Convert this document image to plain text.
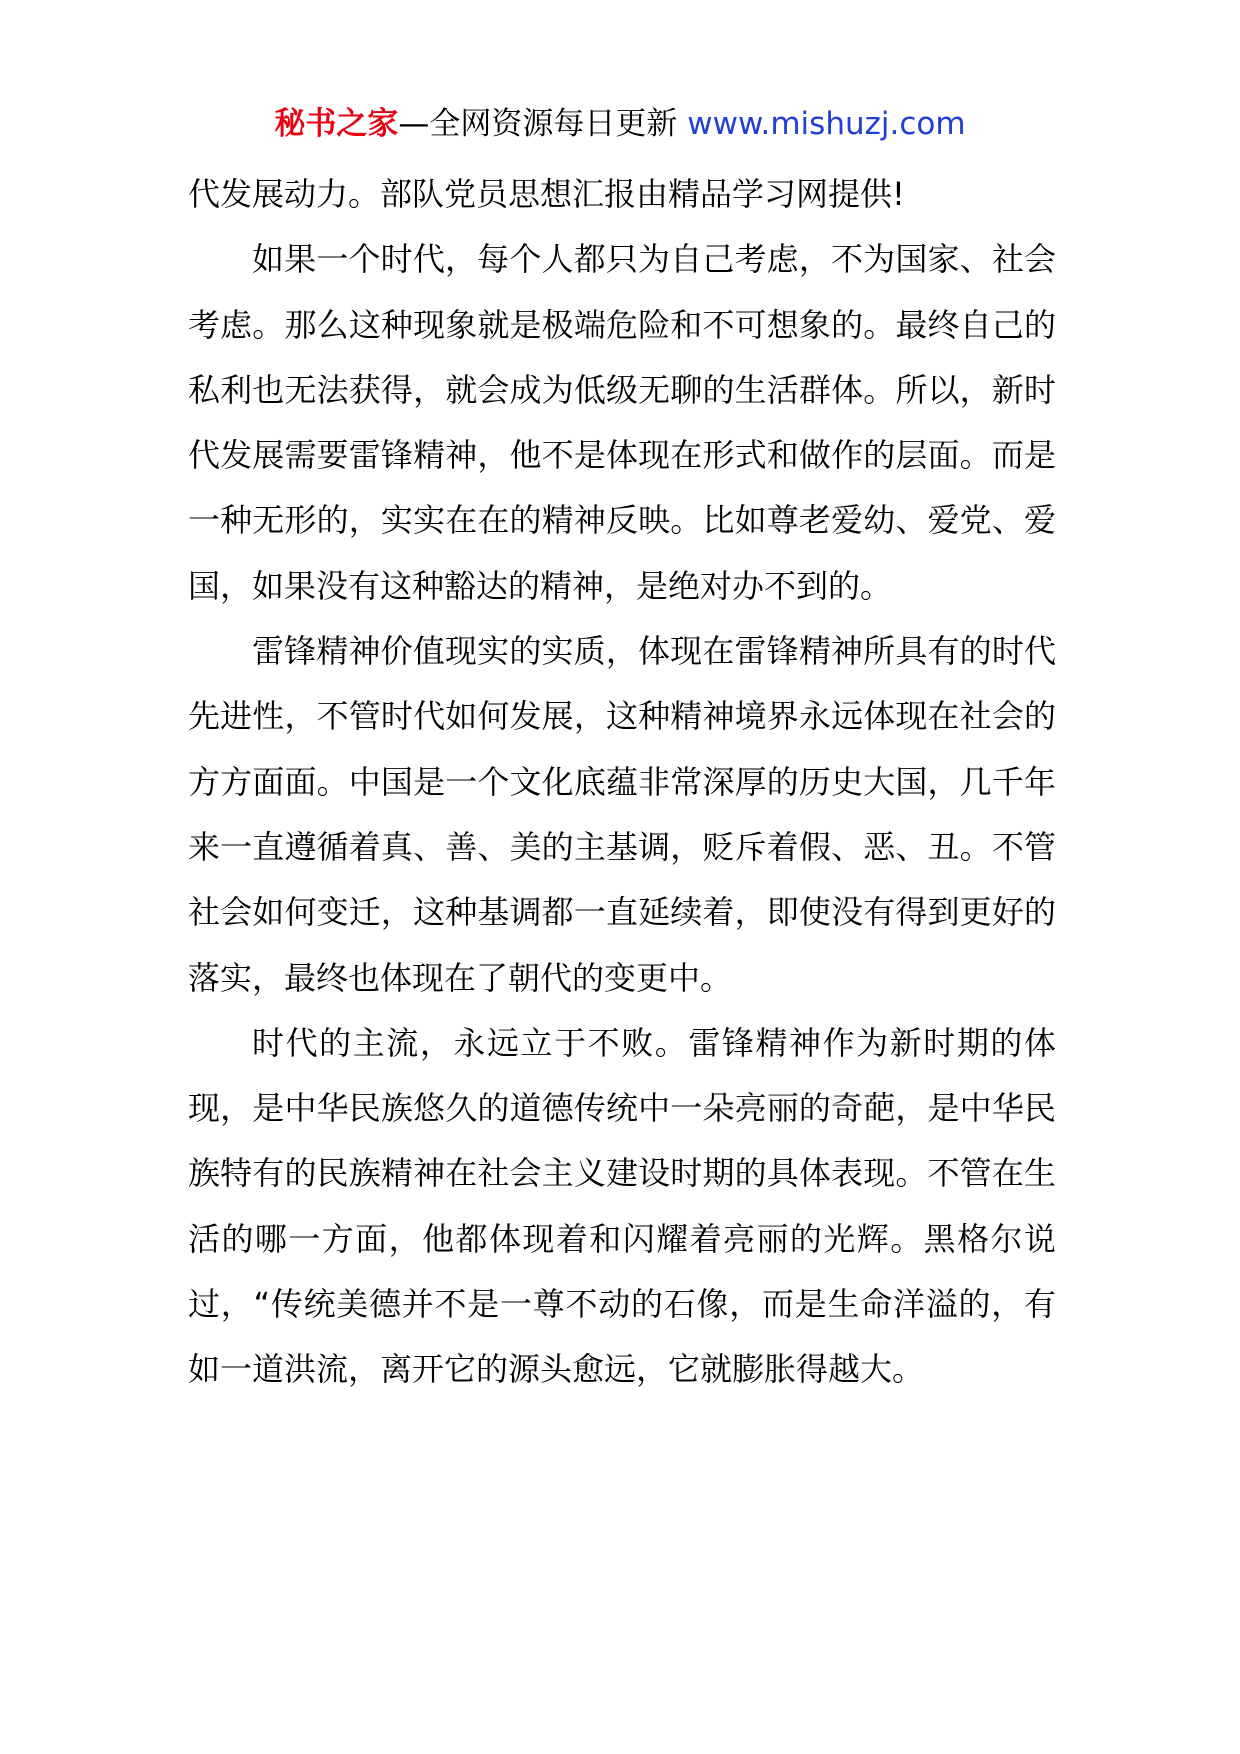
秘书之家—全网资源每日更新 www.mishuzj.com

代发展动力。部队党员思想汇报由精品学习网提供!

如果一个时代，每个人都只为自己考虑，不为国家、社会考虑。那么这种现象就是极端危险和不可想象的。最终自己的私利也无法获得，就会成为低级无聊的生活群体。所以，新时代发展需要雷锋精神，他不是体现在形式和做作的层面。而是一种无形的，实实在在的精神反映。比如尊老爱幼、爱党、爱国，如果没有这种豁达的精神，是绝对办不到的。

雷锋精神价值现实的实质，体现在雷锋精神所具有的时代先进性，不管时代如何发展，这种精神境界永远体现在社会的方方面面。中国是一个文化底蕴非常深厚的历史大国，几千年来一直遵循着真、善、美的主基调，贬斥着假、恶、丑。不管社会如何变迁，这种基调都一直延续着，即使没有得到更好的落实，最终也体现在了朝代的变更中。

时代的主流，永远立于不败。雷锋精神作为新时期的体现，是中华民族悠久的道德传统中一朵亮丽的奇葩，是中华民族特有的民族精神在社会主义建设时期的具体表现。不管在生活的哪一方面，他都体现着和闪耀着亮丽的光辉。黑格尔说过，“传统美德并不是一尊不动的石像，而是生命洋溢的，有如一道洪流，离开它的源头愈远，它就膨胀得越大。
